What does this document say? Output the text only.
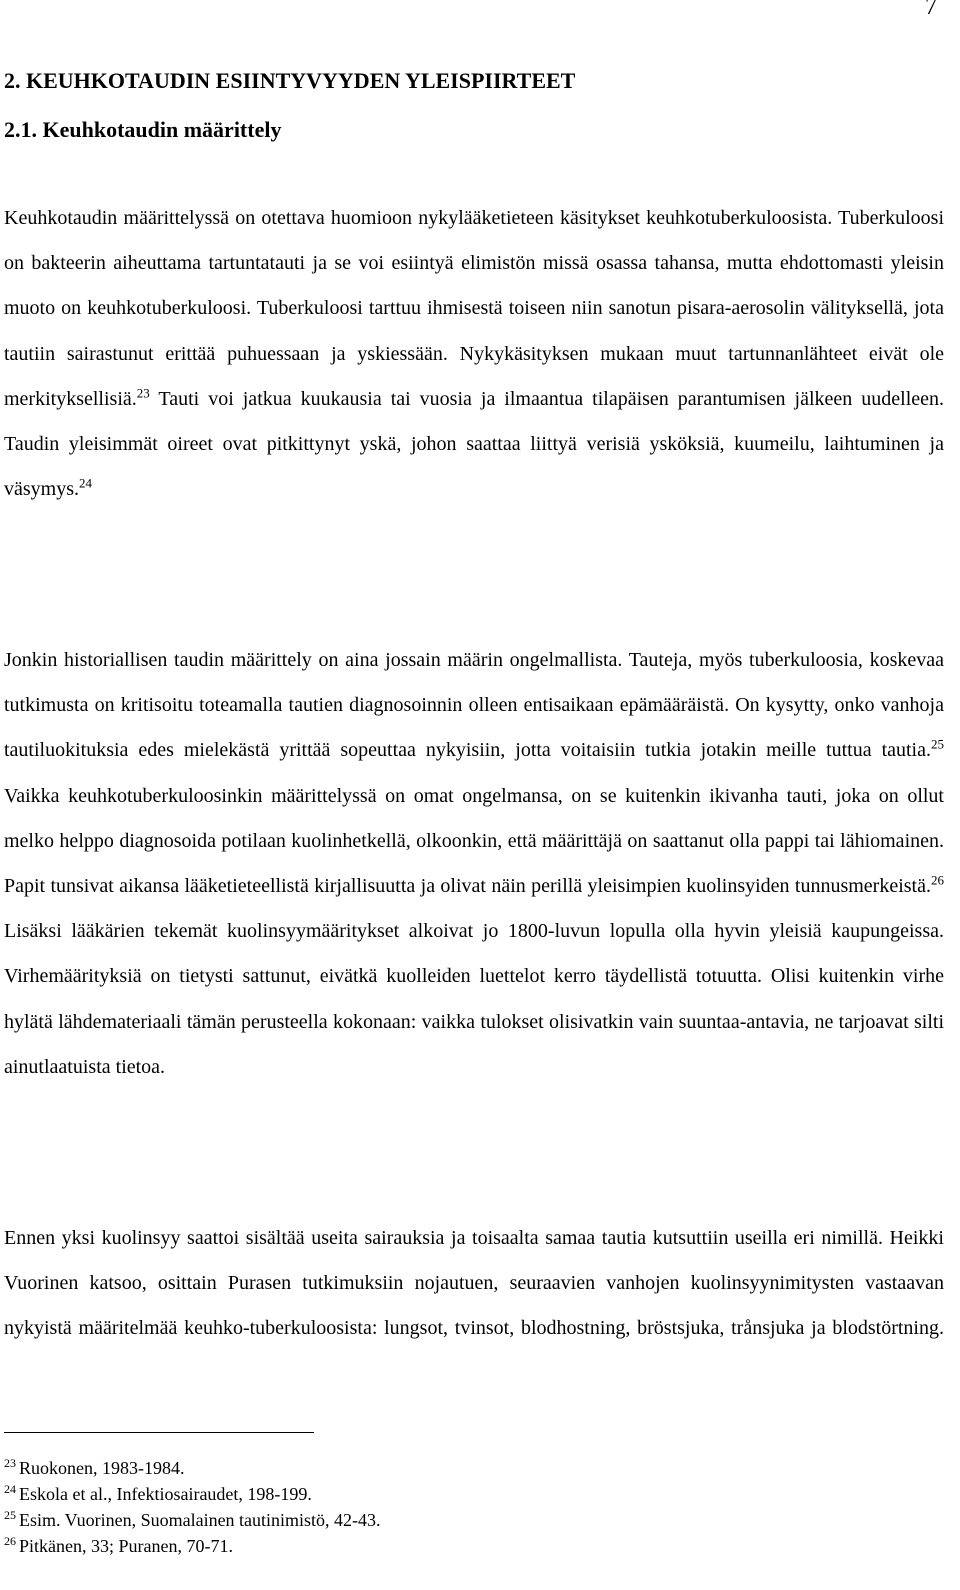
7
2. KEUHKOTAUDIN ESIINTYVYYDEN YLEISPIIRTEET
2.1. Keuhkotaudin määrittely

Keuhkotaudin määrittelyssä on otettava huomioon nykylääketieteen käsitykset keuhkotuberkuloosista. Tuberkuloosi on bakteerin aiheuttama tartuntatauti ja se voi esiintyä elimistön missä osassa tahansa, mutta ehdottomasti yleisin muoto on keuhkotuberkuloosi. Tuberkuloosi tarttuu ihmisestä toiseen niin sanotun pisara-aerosolin välityksellä, jota tautiin sairastunut erittää puhuessaan ja yskiessään. Nykykäsityksen mukaan muut tartunnanlähteet eivät ole merkityksellisiä.$^{23}$ Tauti voi jatkua kuukausia tai vuosia ja ilmaantua tilapäisen parantumisen jälkeen uudelleen. Taudin yleisimmät oireet ovat pitkittynyt yskä, johon saattaa liittyä verisiä ysköksiä, kuumeilu, laihtuminen ja väsymys.$^{24}$

Jonkin historiallisen taudin määrittely on aina jossain määrin ongelmallista. Tauteja, myös tuberkuloosia, koskevaa tutkimusta on kritisoitu toteamalla tautien diagnosoinnin olleen entisaikaan epämääräistä. On kysytty, onko vanhoja tautiluokituksia edes mielekästä yrittää sopeuttaa nykyisiin, jotta voitaisiin tutkia jotakin meille tuttua tautia.$^{25}$ Vaikka keuhkotuberkuloosinkin määrittelyssä on omat ongelmansa, on se kuitenkin ikivanha tauti, joka on ollut melko helppo diagnosoida potilaan kuolinhetkellä, olkoonkin, että määrittäjä on saattanut olla pappi tai lähiomainen. Papit tunsivat aikansa lääketieteellistä kirjallisuutta ja olivat näin perillä yleisimpien kuolinsyiden tunnusmerkeistä.$^{26}$ Lisäksi lääkärien tekemät kuolinsyymääritykset alkoivat jo 1800-luvun lopulla olla hyvin yleisiä kaupungeissa. Virhemäärityksiä on tietysti sattunut, eivätkä kuolleiden luettelot kerro täydellistä totuutta. Olisi kuitenkin virhe hylätä lähdemateriaali tämän perusteella kokonaan: vaikka tulokset olisivatkin vain suuntaa-antavia, ne tarjoavat silti ainutlaatuista tietoa.

Ennen yksi kuolinsyy saattoi sisältää useita sairauksia ja toisaalta samaa tautia kutsuttiin useilla eri nimillä. Heikki Vuorinen katsoo, osittain Purasen tutkimuksiin nojautuen, seuraavien vanhojen kuolinsyynimitysten vastaavan nykyistä määritelmää keuhko-tuberkuloosista: lungsot, tvinsot, blodhostning, bröstsjuka, trånsjuka ja blodstörtning.

$^{23}$ Ruokonen, 1983-1984.
$^{24}$ Eskola et al., Infektiosairaudet, 198-199.
$^{25}$ Esim. Vuorinen, Suomalainen tautinimistö, 42-43.
$^{26}$ Pitkänen, 33; Puranen, 70-71.
